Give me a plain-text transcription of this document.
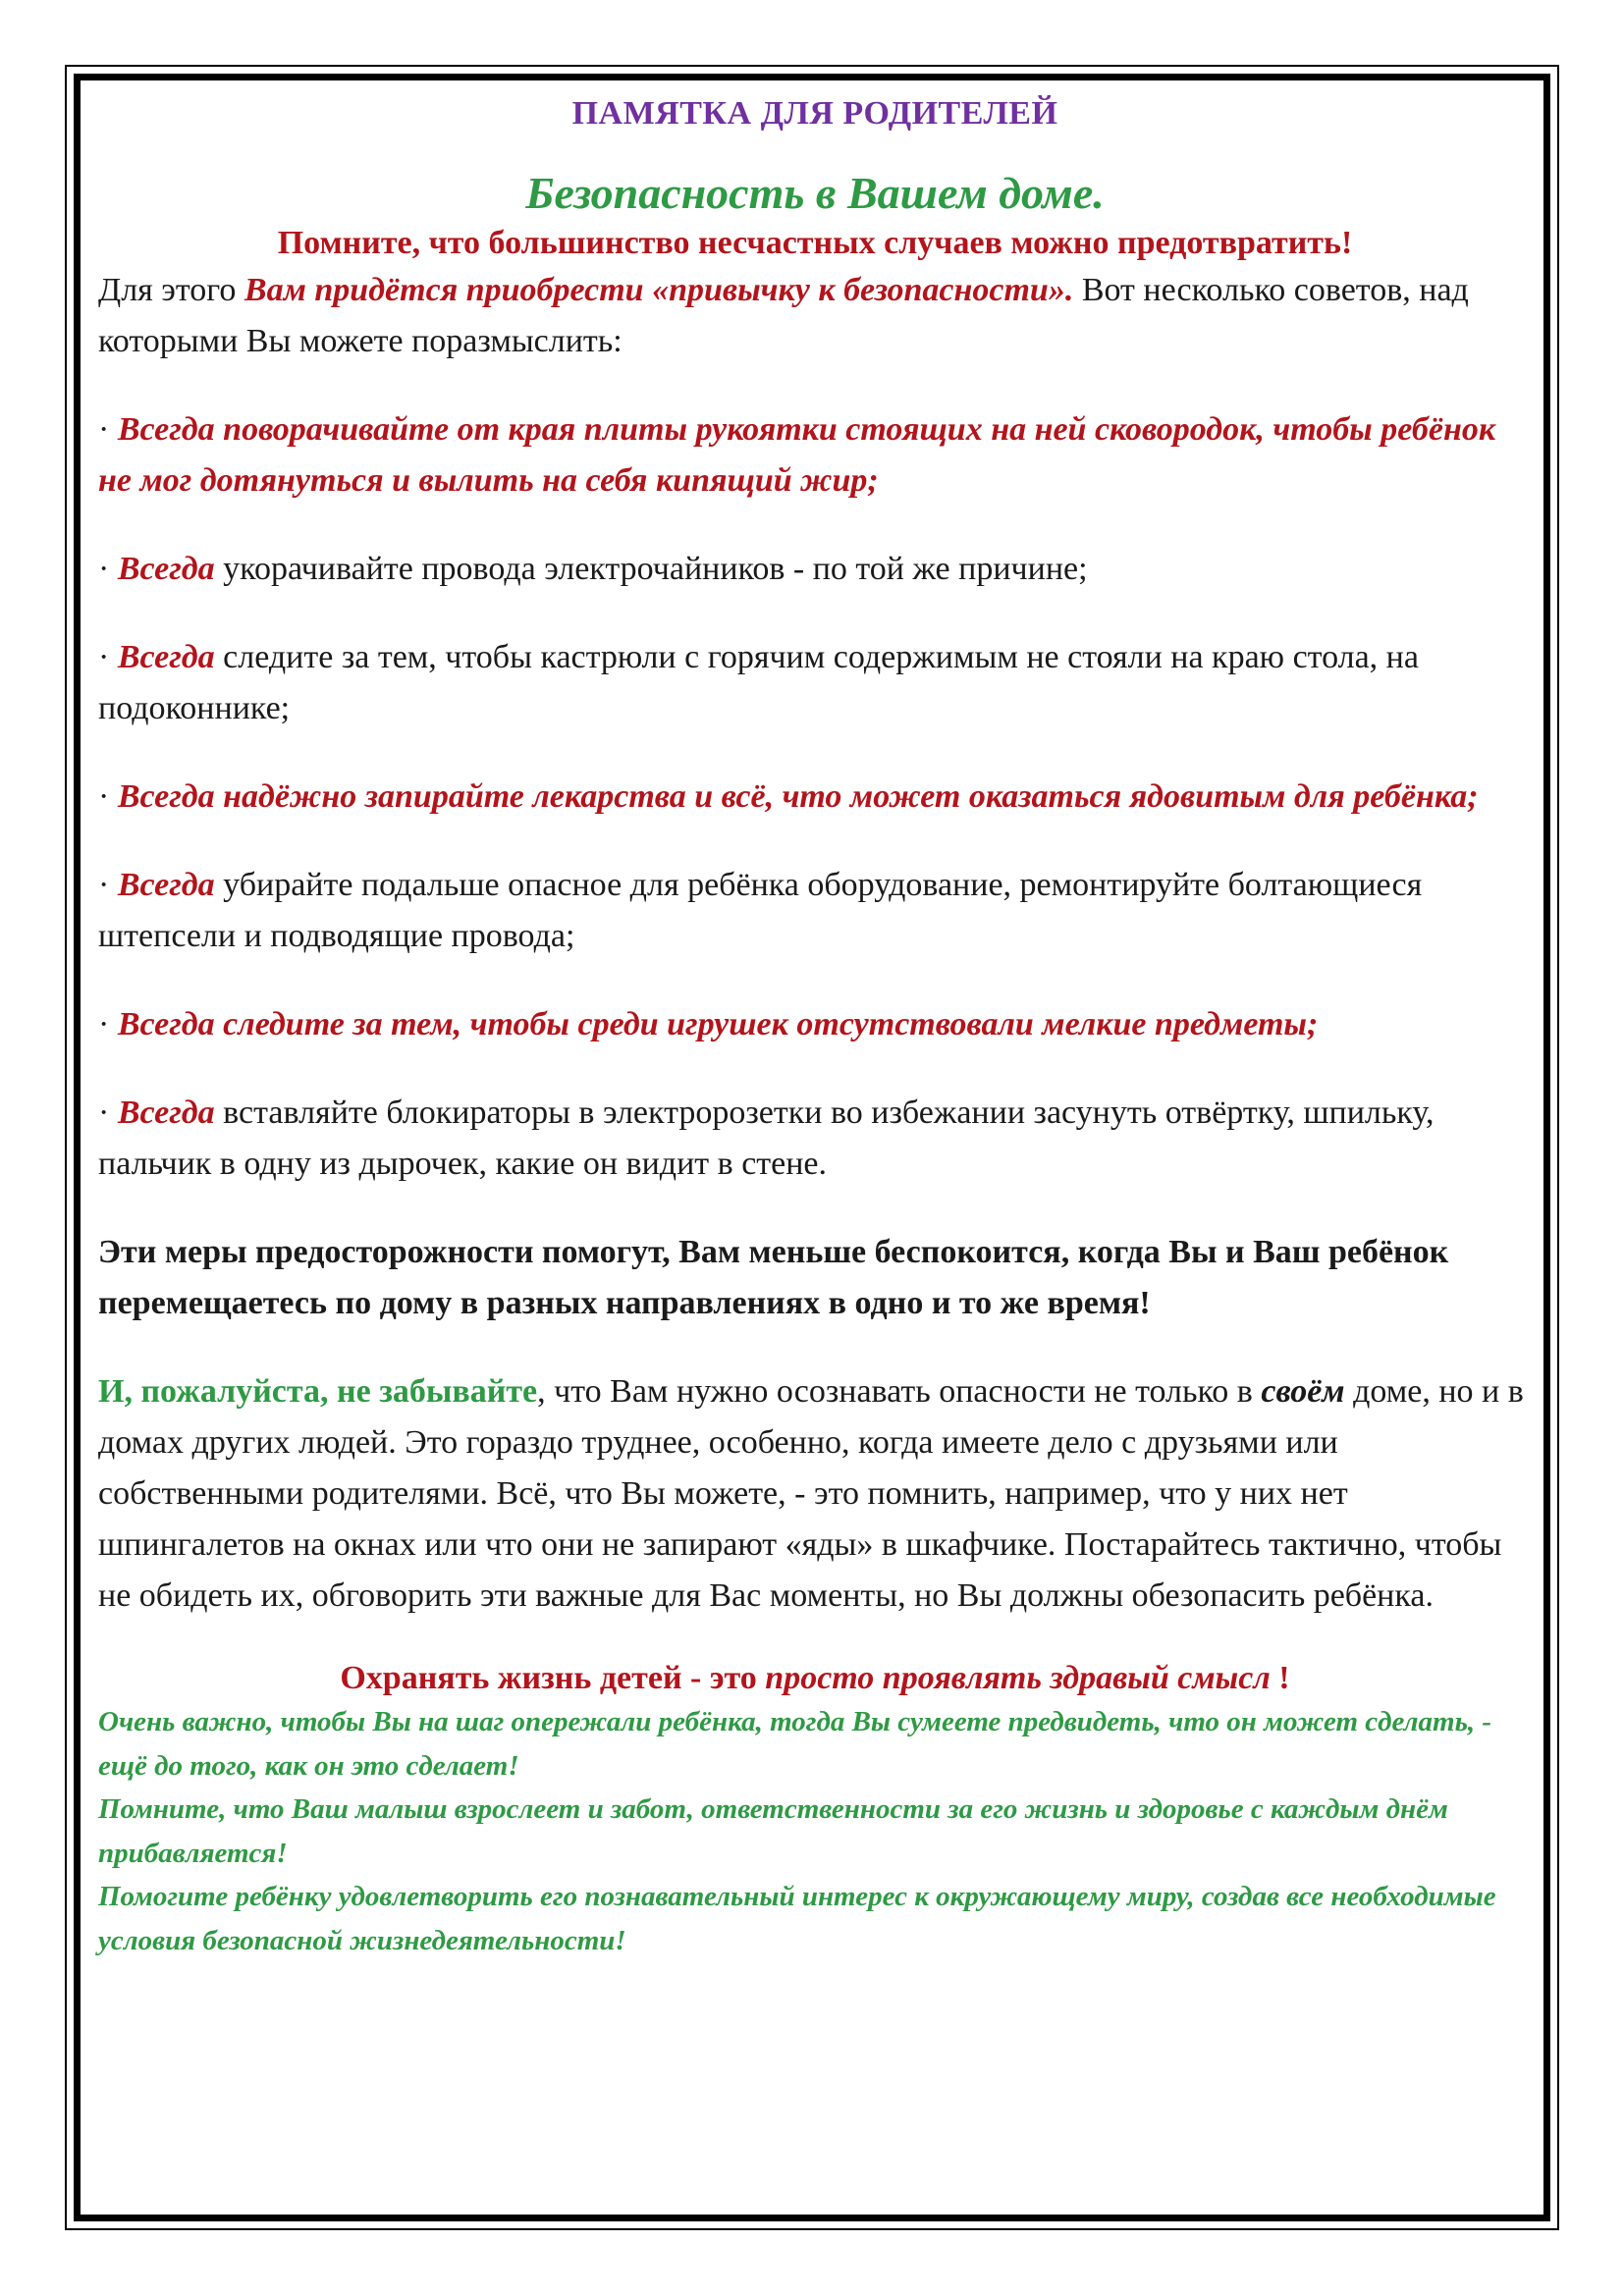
ПАМЯТКА ДЛЯ РОДИТЕЛЕЙ

Безопасность в Вашем доме.

Помните, что большинство несчастных случаев можно предотвратить!

Для этого Вам придётся приобрести «привычку к безопасности». Вот несколько советов, над которыми Вы можете поразмыслить:

· Всегда поворачивайте от края плиты рукоятки стоящих на ней сковородок, чтобы ребёнок не мог дотянуться и вылить на себя кипящий жир;

· Всегда укорачивайте провода электрочайников - по той же причине;

· Всегда следите за тем, чтобы кастрюли с горячим содержимым не стояли на краю стола, на подоконнике;

· Всегда надёжно запирайте лекарства и всё, что может оказаться ядовитым для ребёнка;

· Всегда убирайте подальше опасное для ребёнка оборудование, ремонтируйте болтающиеся штепсели и подводящие провода;

· Всегда следите за тем, чтобы среди игрушек отсутствовали мелкие предметы;

· Всегда вставляйте блокираторы в электророзетки во избежании засунуть отвёртку, шпильку, пальчик в одну из дырочек, какие он видит в стене.

Эти меры предосторожности помогут, Вам меньше беспокоится, когда Вы и Ваш ребёнок перемещаетесь по дому в разных направлениях в одно и то же время!

И, пожалуйста, не забывайте, что Вам нужно осознавать опасности не только в своём доме, но и в домах других людей. Это гораздо труднее, особенно, когда имеете дело с друзьями или собственными родителями. Всё, что Вы можете, - это помнить, например, что у них нет шпингалетов на окнах или что они не запирают «яды» в шкафчике. Постарайтесь тактично, чтобы не обидеть их, обговорить эти важные для Вас моменты, но Вы должны обезопасить ребёнка.

Охранять жизнь детей - это просто проявлять здравый смысл !

Очень важно, чтобы Вы на шаг опережали ребёнка, тогда Вы сумеете предвидеть, что он может сделать, - ещё до того, как он это сделает!

Помните, что Ваш малыш взрослеет и забот, ответственности за его жизнь и здоровье с каждым днём прибавляется!

Помогите ребёнку удовлетворить его познавательный интерес к окружающему миру, создав все необходимые условия безопасной жизнедеятельности!
